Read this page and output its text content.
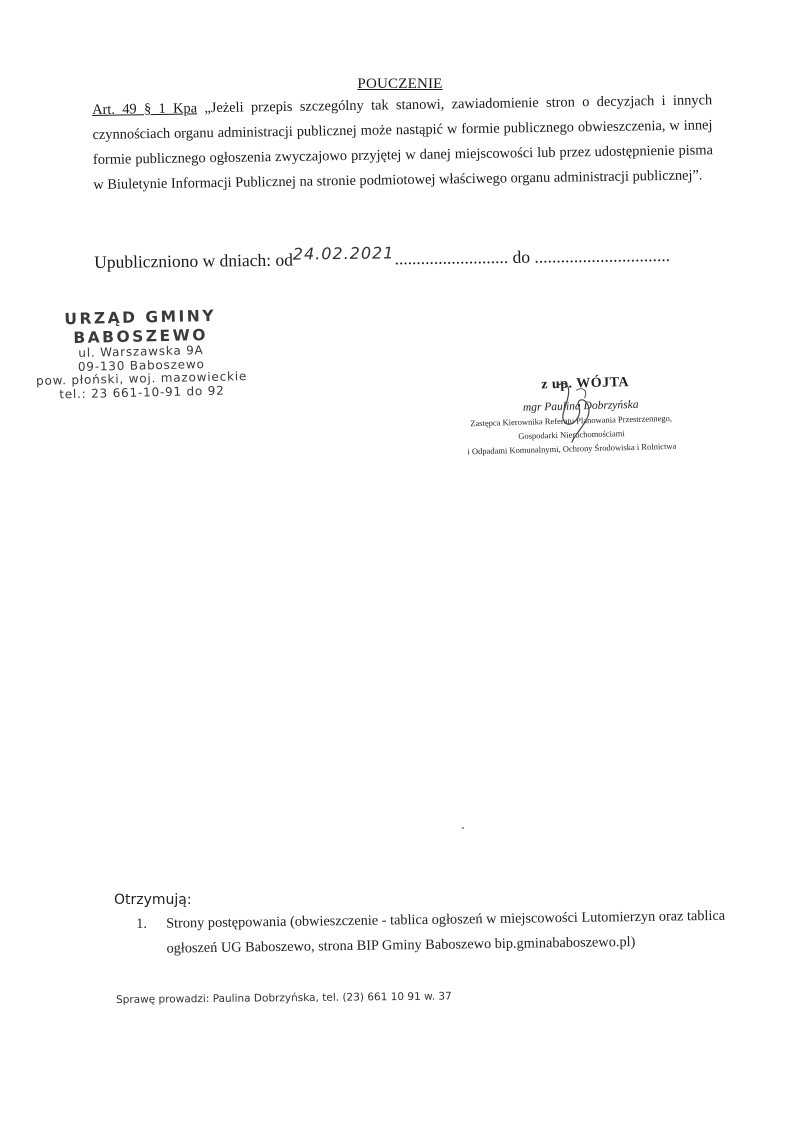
POUCZENIE
Art. 49 § 1 Kpa „Jeżeli przepis szczególny tak stanowi, zawiadomienie stron o decyzjach i innych czynnościach organu administracji publicznej może nastąpić w formie publicznego obwieszczenia, w innej formie publicznego ogłoszenia zwyczajowo przyjętej w danej miejscowości lub przez udostępnienie pisma w Biuletynie Informacji Publicznej na stronie podmiotowej właściwego organu administracji publicznej”.
Upubliczniono w dniach: od24.02.2021.......................... do ...............................
URZĄD GMINY
BABOSZEWO
ul. Warszawska 9A
09-130 Baboszewo
pow. płoński, woj. mazowieckie
tel.: 23 661-10-91 do 92	z up. WÓJTA
mgr Paulina Dobrzyńska
Zastępca Kierownika Referatu Planowania Przestrzennego,
Gospodarki Nieruchomościami
i Odpadami Komunalnymi, Ochrony Środowiska i Rolnictwa
Otrzymują:
1. Strony postępowania (obwieszczenie - tablica ogłoszeń w miejscowości Lutomierzyn oraz tablica ogłoszeń UG Baboszewo, strona BIP Gminy Baboszewo bip.gminababoszewo.pl)
Sprawę prowadzi: Paulina Dobrzyńska, tel. (23) 661 10 91 w. 37
